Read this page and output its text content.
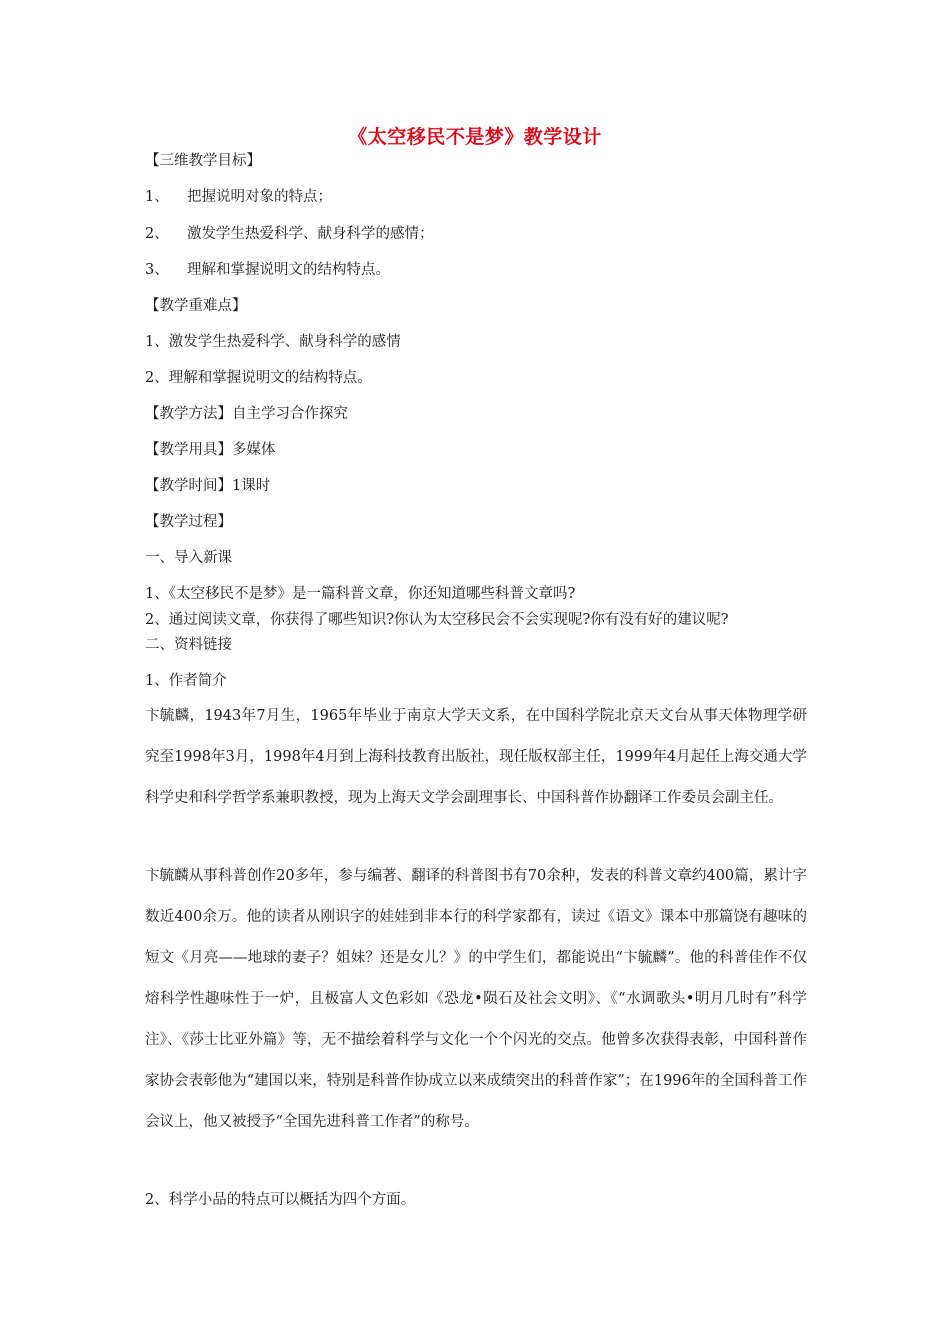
《太空移民不是梦》教学设计
【三维教学目标】
1、 把握说明对象的特点；
2、 激发学生热爱科学、献身科学的感情；
3、 理解和掌握说明文的结构特点。
【教学重难点】
1、激发学生热爱科学、献身科学的感情
2、理解和掌握说明文的结构特点。
【教学方法】自主学习合作探究
【教学用具】多媒体
【教学时间】1课时
【教学过程】
一、导入新课
1、《太空移民不是梦》是一篇科普文章，你还知道哪些科普文章吗?
2、通过阅读文章，你获得了哪些知识?你认为太空移民会不会实现呢?你有没有好的建议呢?
二、资料链接
1、作者简介
卞毓麟，1943年7月生，1965年毕业于南京大学天文系，在中国科学院北京天文台从事天体物理学研究至1998年3月，1998年4月到上海科技教育出版社，现任版权部主任，1999年4月起任上海交通大学科学史和科学哲学系兼职教授，现为上海天文学会副理事长、中国科普作协翻译工作委员会副主任。
卞毓麟从事科普创作20多年，参与编著、翻译的科普图书有70余种，发表的科普文章约400篇，累计字数近400余万。他的读者从刚识字的娃娃到非本行的科学家都有，读过《语文》课本中那篇饶有趣味的短文《月亮——地球的妻子？姐妹？还是女儿？》的中学生们，都能说出“卞毓麟”。他的科普佳作不仅熔科学性趣味性于一炉，且极富人文色彩如《恐龙•陨石及社会文明》、《“水调歌头•明月几时有”科学注》、《莎士比亚外篇》等，无不描绘着科学与文化一个个闪光的交点。他曾多次获得表彰，中国科普作家协会表彰他为“建国以来，特别是科普作协成立以来成绩突出的科普作家”；在1996年的全国科普工作会议上，他又被授予“全国先进科普工作者”的称号。
2、科学小品的特点可以概括为四个方面。
